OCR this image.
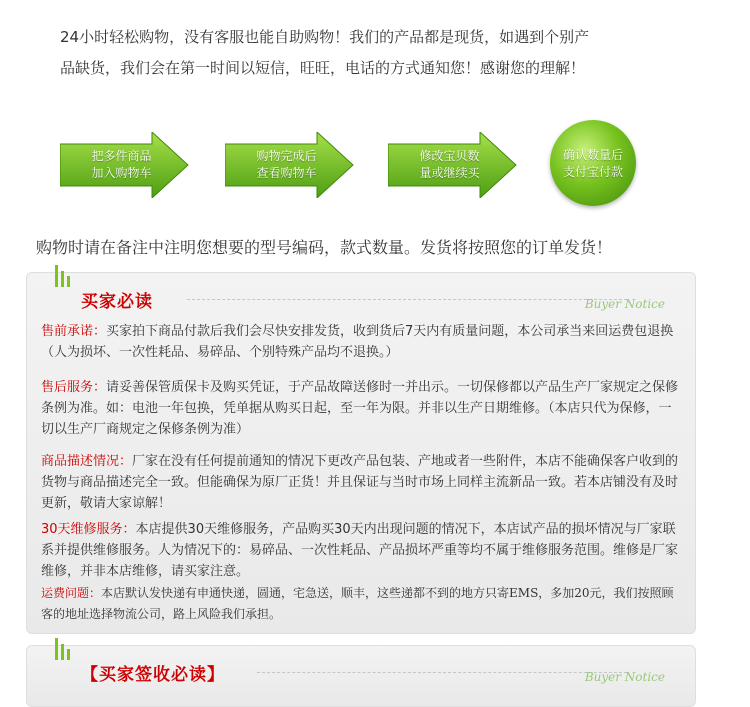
24小时轻松购物，没有客服也能自助购物！我们的产品都是现货，如遇到个别产

品缺货，我们会在第一时间以短信，旺旺，电话的方式通知您！感谢您的理解！

把多件商品
加入购物车
购物完成后
查看购物车
修改宝贝数
量或继续买
确认数量后
支付宝付款
购物时请在备注中注明您想要的型号编码，款式数量。发货将按照您的订单发货！
买家必读	Buyer Notice
售前承诺：买家拍下商品付款后我们会尽快安排发货，收到货后7天内有质量问题，本公司承当来回运费包退换（人为损坏、一次性耗品、易碎品、个别特殊产品均不退换。）
售后服务：请妥善保管质保卡及购买凭证，于产品故障送修时一并出示。一切保修都以产品生产厂家规定之保修条例为准。如：电池一年包换，凭单据从购买日起，至一年为限。并非以生产日期维修。（本店只代为保修，一切以生产厂商规定之保修条例为准）
商品描述情况：厂家在没有任何提前通知的情况下更改产品包装、产地或者一些附件，本店不能确保客户收到的货物与商品描述完全一致。但能确保为原厂正货！并且保证与当时市场上同样主流新品一致。若本店铺没有及时更新，敬请大家谅解！
30天维修服务：本店提供30天维修服务，产品购买30天内出现问题的情况下，本店试产品的损坏情况与厂家联系并提供维修服务。人为情况下的：易碎品、一次性耗品、产品损坏严重等均不属于维修服务范围。维修是厂家维修，并非本店维修，请买家注意。
运费问题：本店默认发快递有申通快递，圆通，宅急送，顺丰，这些递都不到的地方只寄EMS，多加20元，我们按照顾客的地址选择物流公司，路上风险我们承担。
【买家签收必读】	Buyer Notice
